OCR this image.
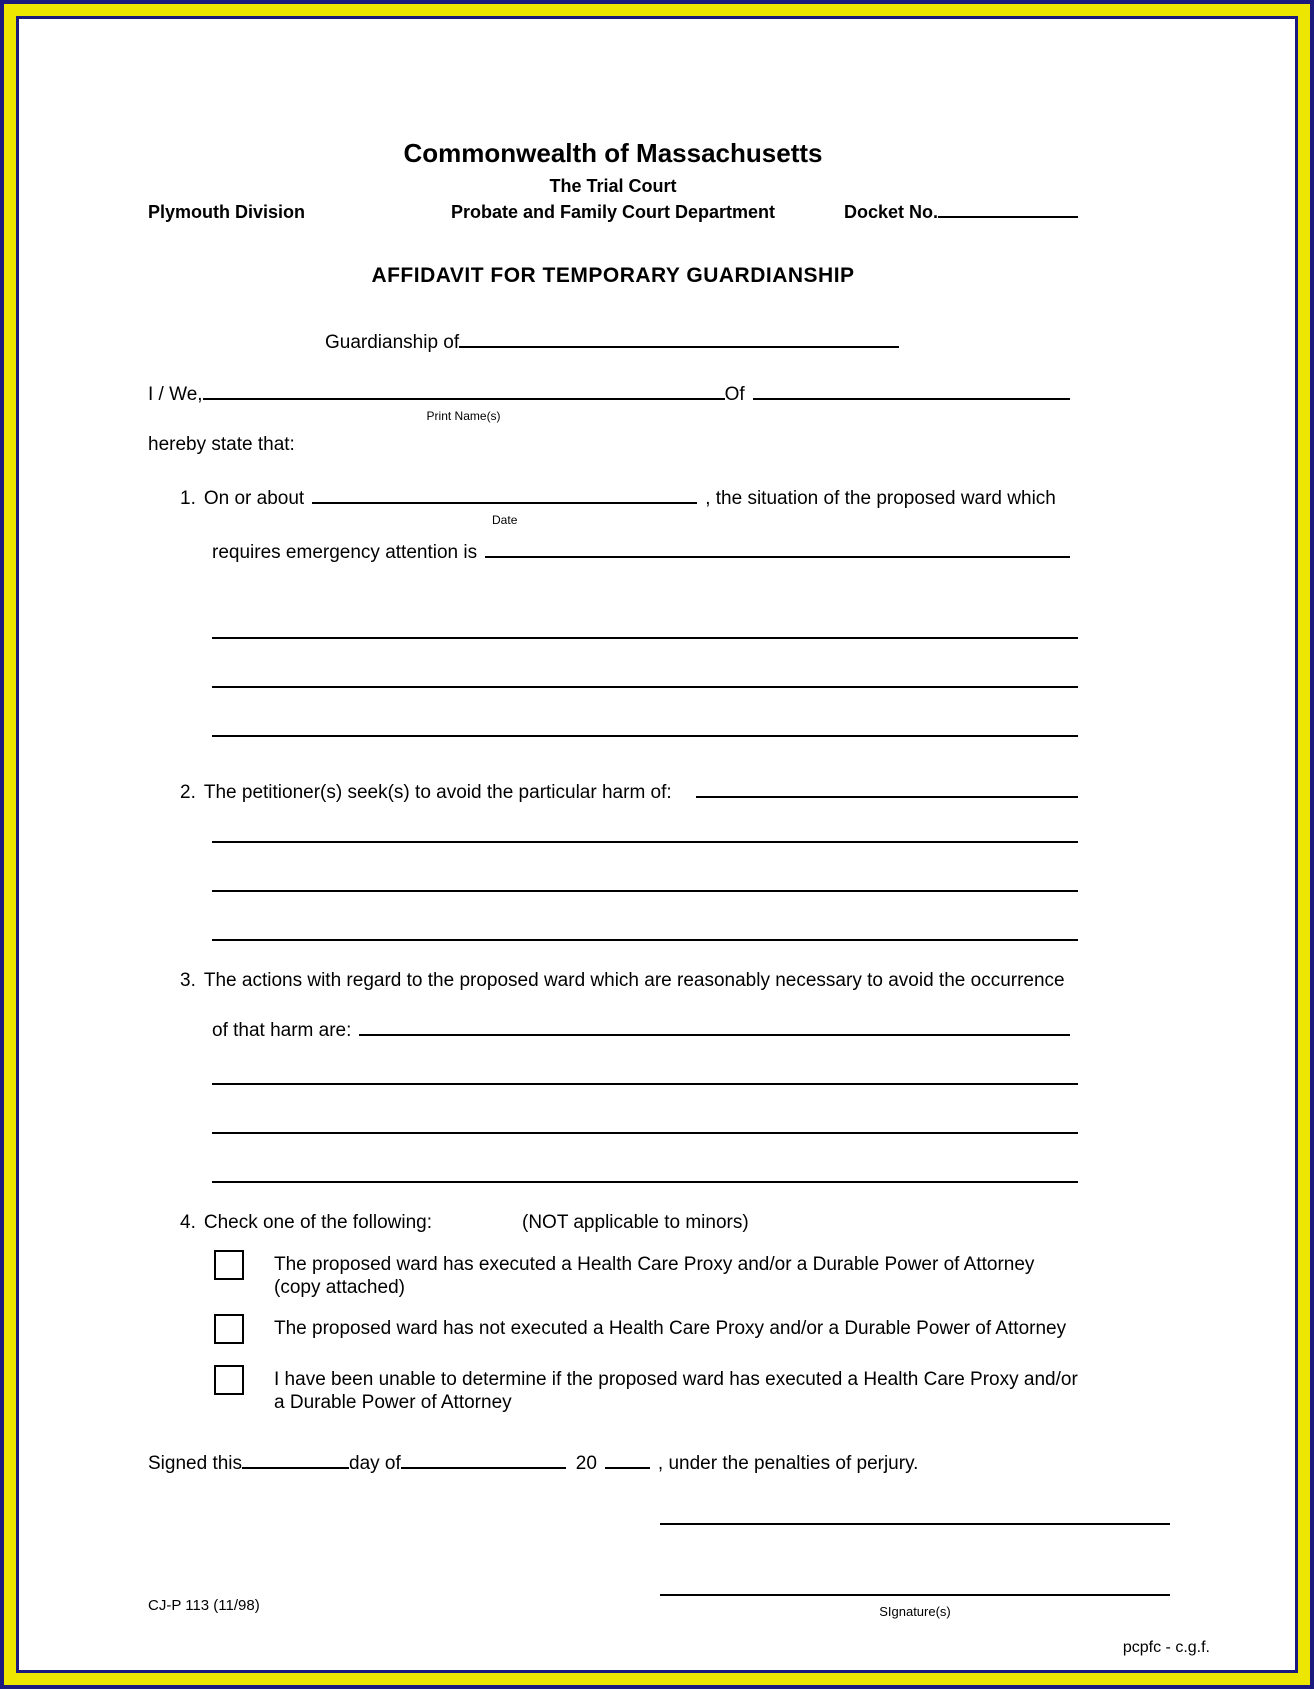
Commonwealth of Massachusetts
The Trial Court
Plymouth Division	Probate and Family Court Department	Docket No.
AFFIDAVIT FOR TEMPORARY GUARDIANSHIP
Guardianship of
I / We,
Print Name(s)
Of
hereby state that:
1. On or about
Date
, the situation of the proposed ward which
requires emergency attention is
2. The petitioner(s) seek(s) to avoid the particular harm of:
3. The actions with regard to the proposed ward which are reasonably necessary to avoid the occurrence
of that harm are:
4. Check one of the following:	(NOT applicable to minors)
The proposed ward has executed a Health Care Proxy and/or a Durable Power of Attorney (copy attached)
The proposed ward has not executed a Health Care Proxy and/or a Durable Power of Attorney
I have been unable to determine if the proposed ward has executed a Health Care Proxy and/or a Durable Power of Attorney
Signed this	day of	20	, under the penalties of perjury.
SIgnature(s)
CJ-P 113 (11/98)
pcpfc - c.g.f.
